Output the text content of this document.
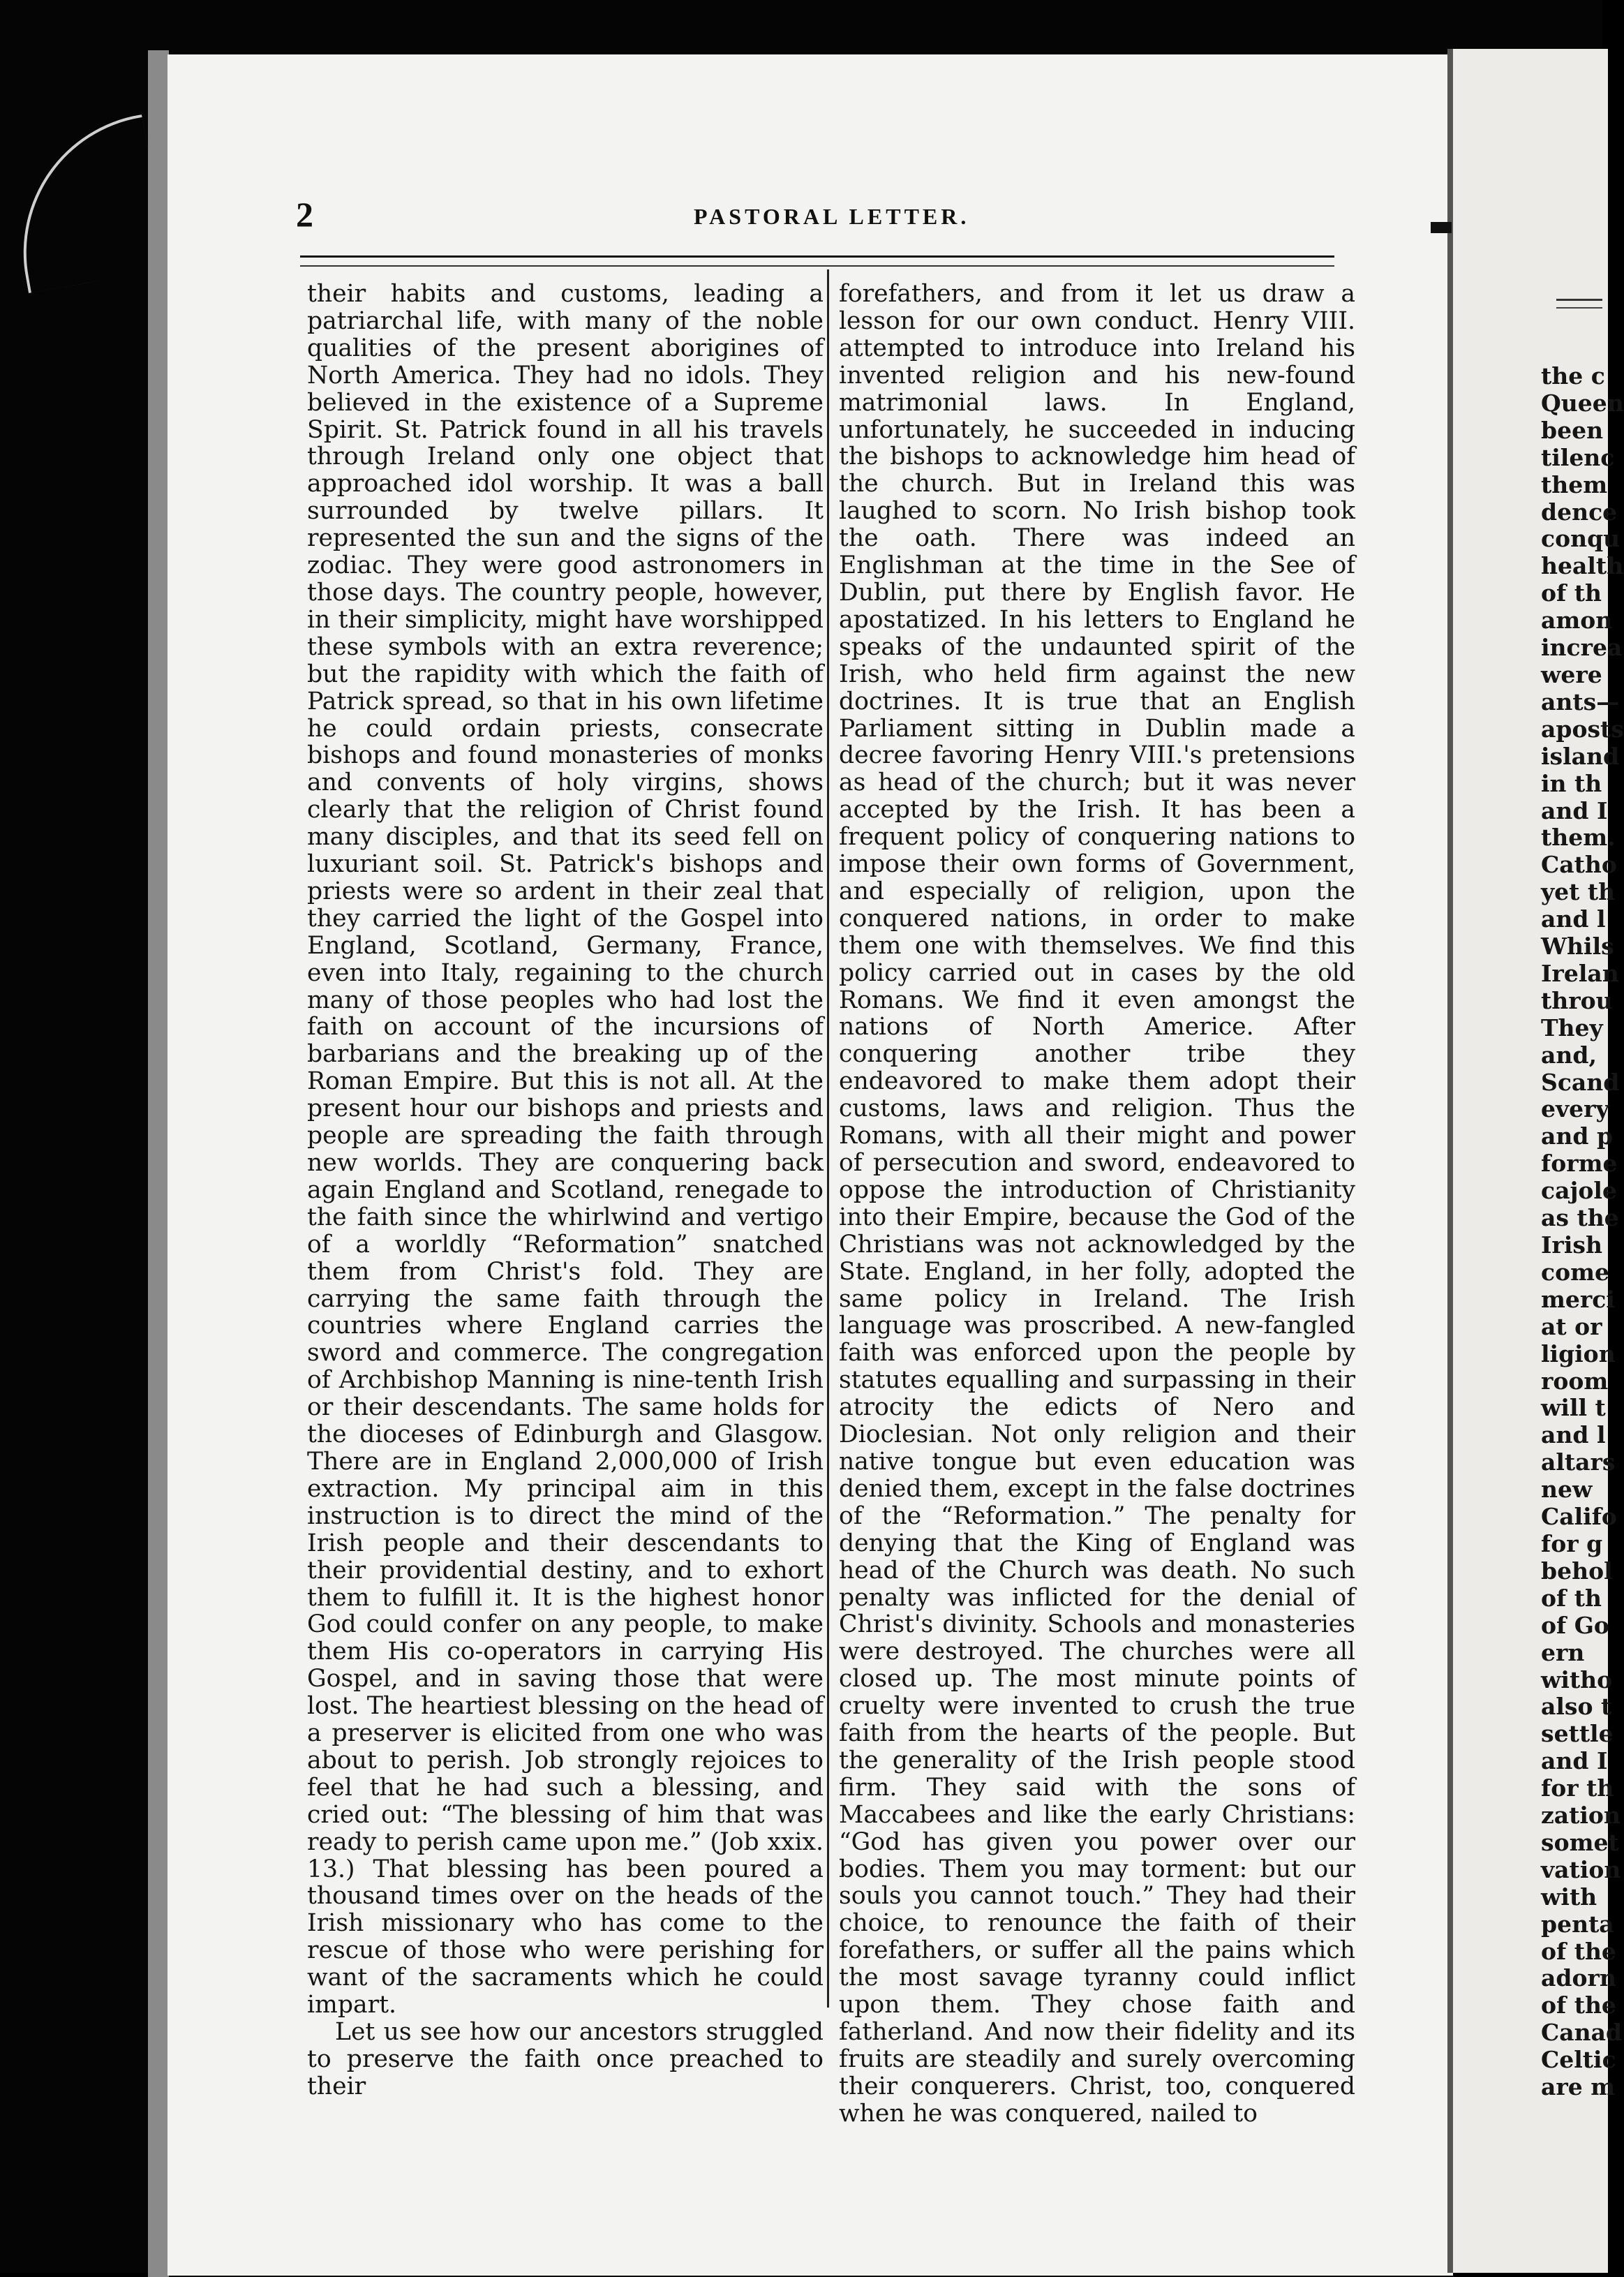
2	PASTORAL LETTER.

their habits and customs, leading a patriarchal life, with many of the noble qualities of the present aborigines of North America. They had no idols. They believed in the existence of a Supreme Spirit. St. Patrick found in all his travels through Ireland only one object that approached idol worship. It was a ball surrounded by twelve pillars. It represented the sun and the signs of the zodiac. They were good astronomers in those days. The country people, however, in their simplicity, might have worshipped these symbols with an extra reverence; but the rapidity with which the faith of Patrick spread, so that in his own lifetime he could ordain priests, consecrate bishops and found monasteries of monks and convents of holy virgins, shows clearly that the religion of Christ found many disciples, and that its seed fell on luxuriant soil. St. Patrick's bishops and priests were so ardent in their zeal that they carried the light of the Gospel into England, Scotland, Germany, France, even into Italy, regaining to the church many of those peoples who had lost the faith on account of the incursions of barbarians and the breaking up of the Roman Empire. But this is not all. At the present hour our bishops and priests and people are spreading the faith through new worlds. They are conquering back again England and Scotland, renegade to the faith since the whirlwind and vertigo of a worldly “Reformation” snatched them from Christ's fold. They are carrying the same faith through the countries where England carries the sword and commerce. The congregation of Archbishop Manning is nine-tenth Irish or their descendants. The same holds for the dioceses of Edinburgh and Glasgow. There are in England 2,000,000 of Irish extraction. My principal aim in this instruction is to direct the mind of the Irish people and their descendants to their providential destiny, and to exhort them to fulfill it. It is the highest honor God could confer on any people, to make them His co-operators in carrying His Gospel, and in saving those that were lost. The heartiest blessing on the head of a preserver is elicited from one who was about to perish. Job strongly rejoices to feel that he had such a blessing, and cried out: “The blessing of him that was ready to perish came upon me.” (Job xxix. 13.) That blessing has been poured a thousand times over on the heads of the Irish missionary who has come to the rescue of those who were perishing for want of the sacraments which he could impart.

Let us see how our ancestors struggled to preserve the faith once preached to their

forefathers, and from it let us draw a lesson for our own conduct. Henry VIII. attempted to introduce into Ireland his invented religion and his new-found matrimonial laws. In England, unfortunately, he succeeded in inducing the bishops to acknowledge him head of the church. But in Ireland this was laughed to scorn. No Irish bishop took the oath. There was indeed an Englishman at the time in the See of Dublin, put there by English favor. He apostatized. In his letters to England he speaks of the undaunted spirit of the Irish, who held firm against the new doctrines. It is true that an English Parliament sitting in Dublin made a decree favoring Henry VIII.'s pretensions as head of the church; but it was never accepted by the Irish. It has been a frequent policy of conquering nations to impose their own forms of Government, and especially of religion, upon the conquered nations, in order to make them one with themselves. We find this policy carried out in cases by the old Romans. We find it even amongst the nations of North Americe. After conquering another tribe they endeavored to make them adopt their customs, laws and religion. Thus the Romans, with all their might and power of persecution and sword, endeavored to oppose the introduction of Christianity into their Empire, because the God of the Christians was not acknowledged by the State. England, in her folly, adopted the same policy in Ireland. The Irish language was proscribed. A new-fangled faith was enforced upon the people by statutes equalling and surpassing in their atrocity the edicts of Nero and Dioclesian. Not only religion and their native tongue but even education was denied them, except in the false doctrines of the “Reformation.” The penalty for denying that the King of England was head of the Church was death. No such penalty was inflicted for the denial of Christ's divinity. Schools and monasteries were destroyed. The churches were all closed up. The most minute points of cruelty were invented to crush the true faith from the hearts of the people. But the generality of the Irish people stood firm. They said with the sons of Maccabees and like the early Christians: “God has given you power over our bodies. Them you may torment: but our souls you cannot touch.” They had their choice, to renounce the faith of their forefathers, or suffer all the pains which the most savage tyranny could inflict upon them. They chose faith and fatherland. And now their fidelity and its fruits are steadily and surely overcoming their conquerers. Christ, too, conquered when he was conquered, nailed to

the c
Queen
been
tilenc
them
dence
conqu
health
of th
amon
increa
were
ants—
aposts
island
in th
and I
them.
Catho
yet th
and l
Whils
Irelan
throu
They
and,
Scand
every
and p
forme
cajole
as the
Irish
come
merci
at or
ligion
room
will t
and l
altars
new
Califo
for g
behol
of th
of Go
ern
witho
also t
settle
and I
for th
zation
somet
vation
with
penta
of the
adorn
of the
Canad
Celtic
are m
